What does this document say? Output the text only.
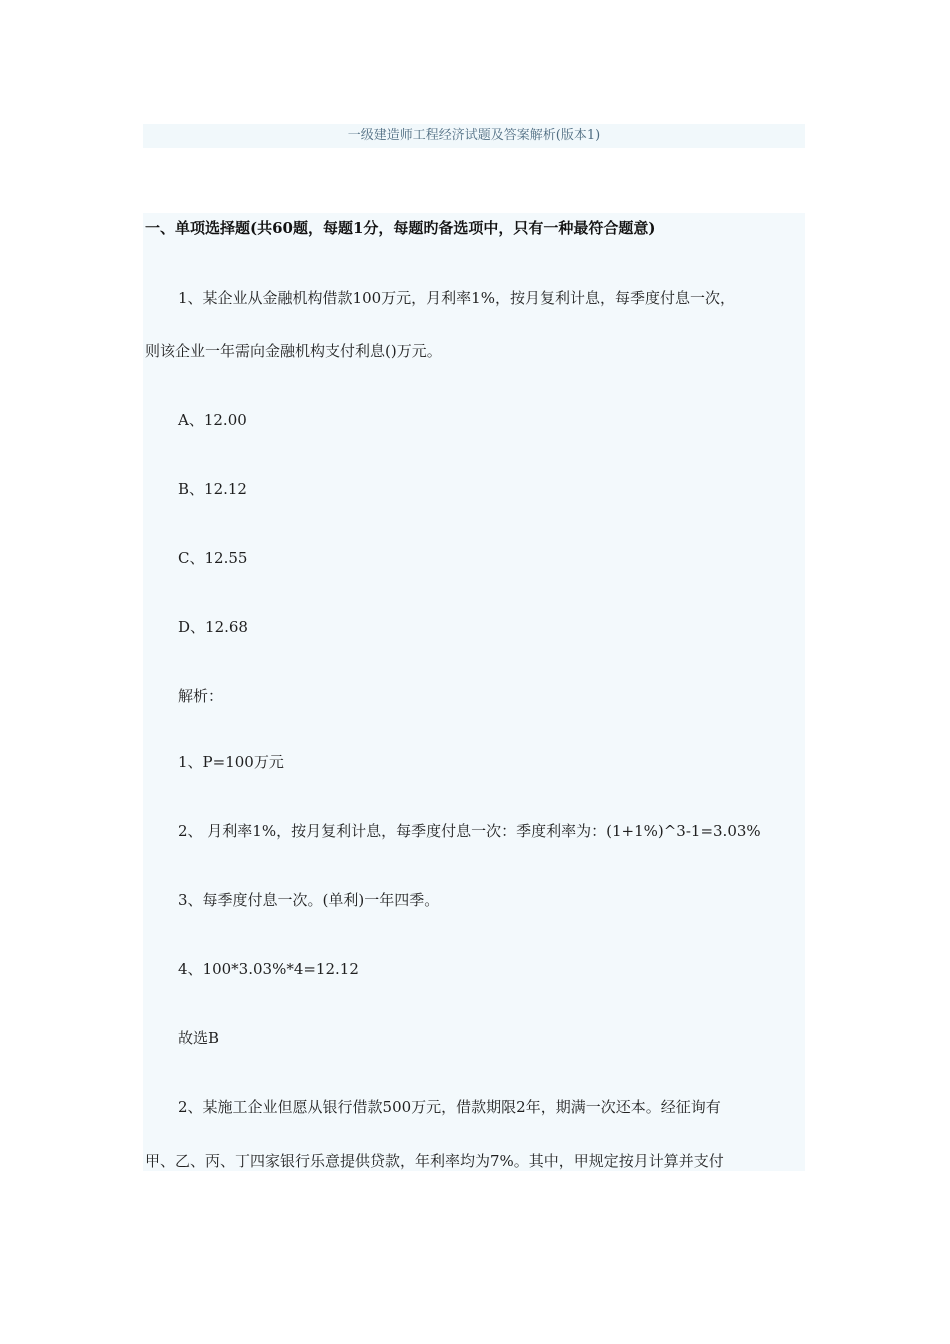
一级建造师工程经济试题及答案解析(版本1)
一、单项选择题(共60题，每题1分，每题旳备选项中，只有一种最符合题意)
1、某企业从金融机构借款100万元，月利率1%，按月复利计息，每季度付息一次，
则该企业一年需向金融机构支付利息()万元。
A、12.00
B、12.12
C、12.55
D、12.68
解析：
1、P=100万元
2、 月利率1%，按月复利计息，每季度付息一次：季度利率为：(1+1%)^3-1=3.03%
3、每季度付息一次。(单利)一年四季。
4、100*3.03%*4=12.12
故选B
2、某施工企业但愿从银行借款500万元，借款期限2年，期满一次还本。经征询有
甲、乙、丙、丁四家银行乐意提供贷款，年利率均为7%。其中，甲规定按月计算并支付
